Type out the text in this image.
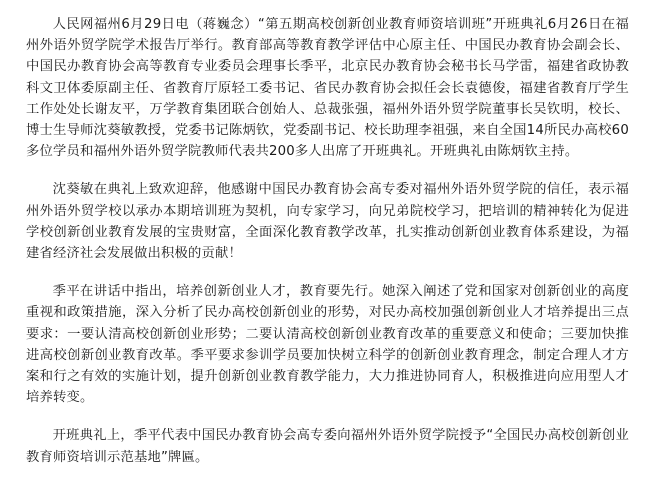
人民网福州6月29日电（蒋巍念）“第五期高校创新创业教育师资培训班”开班典礼6月26日在福州外语外贸学院学术报告厅举行。教育部高等教育教学评估中心原主任、中国民办教育协会副会长、中国民办教育协会高等教育专业委员会理事长季平，北京民办教育协会秘书长马学雷，福建省政协教科文卫体委原副主任、省教育厅原轻工委书记、省民办教育协会拟任会长袁德俊，福建省教育厅学生工作处处长谢友平，万学教育集团联合创始人、总裁张强，福州外语外贸学院董事长吴钦明，校长、博士生导师沈葵敏教授，党委书记陈炳钦，党委副书记、校长助理李祖强，来自全国14所民办高校60多位学员和福州外语外贸学院教师代表共200多人出席了开班典礼。开班典礼由陈炳钦主持。

沈葵敏在典礼上致欢迎辞，他感谢中国民办教育协会高专委对福州外语外贸学院的信任，表示福州外语外贸学校以承办本期培训班为契机，向专家学习，向兄弟院校学习，把培训的精神转化为促进学校创新创业教育发展的宝贵财富，全面深化教育教学改革，扎实推动创新创业教育体系建设，为福建省经济社会发展做出积极的贡献！

季平在讲话中指出，培养创新创业人才，教育要先行。她深入阐述了党和国家对创新创业的高度重视和政策措施，深入分析了民办高校创新创业的形势，对民办高校加强创新创业人才培养提出三点要求：一要认清高校创新创业形势；二要认清高校创新创业教育改革的重要意义和使命；三要加快推进高校创新创业教育改革。季平要求参训学员要加快树立科学的创新创业教育理念，制定合理人才方案和行之有效的实施计划，提升创新创业教育教学能力，大力推进协同育人，积极推进向应用型人才培养转变。

开班典礼上，季平代表中国民办教育协会高专委向福州外语外贸学院授予“全国民办高校创新创业教育师资培训示范基地”牌匾。
